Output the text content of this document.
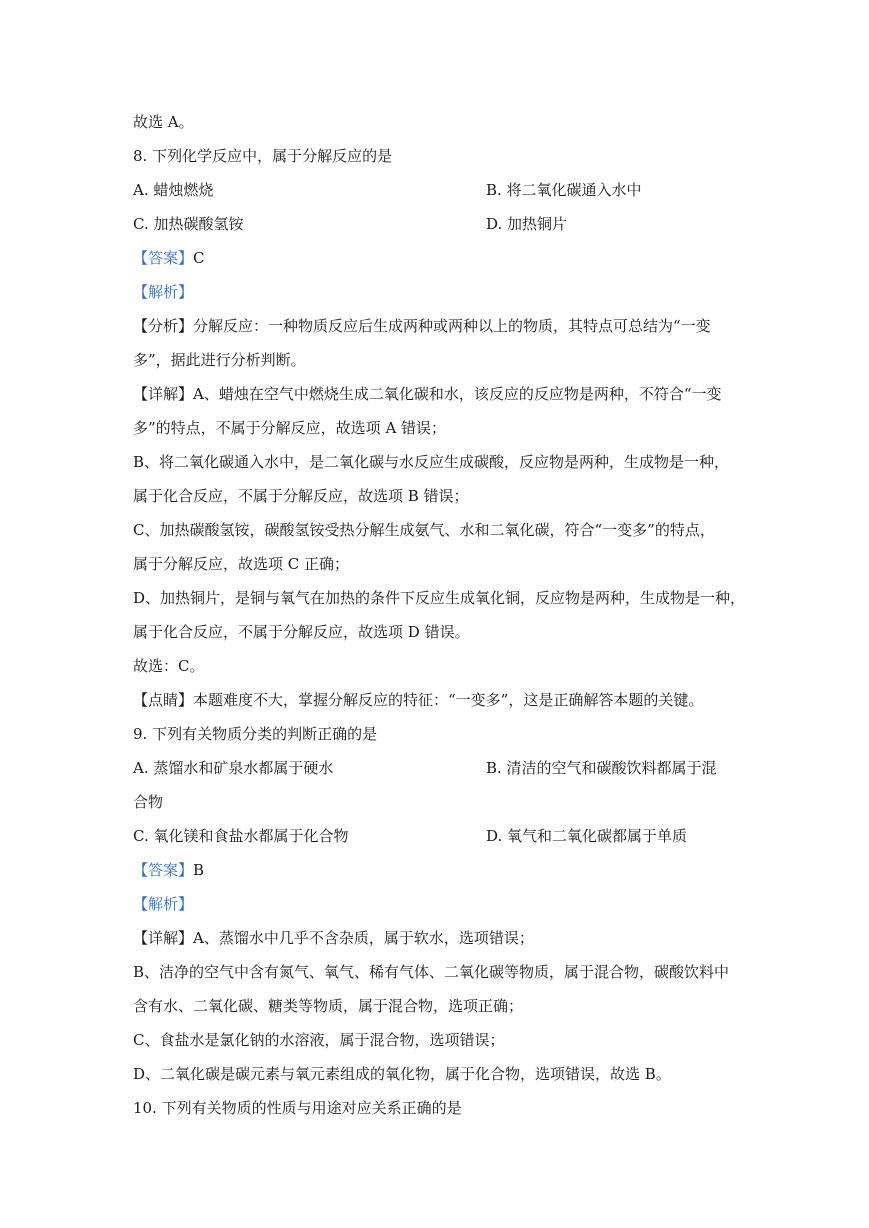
故选 A。
8. 下列化学反应中，属于分解反应的是
A. 蜡烛燃烧	B. 将二氧化碳通入水中
C. 加热碳酸氢铵	D. 加热铜片
【答案】C
【解析】
【分析】分解反应：一种物质反应后生成两种或两种以上的物质，其特点可总结为“一变
多”，据此进行分析判断。
【详解】A、蜡烛在空气中燃烧生成二氧化碳和水，该反应的反应物是两种，不符合“一变
多”的特点，不属于分解反应，故选项 A 错误；
B、将二氧化碳通入水中，是二氧化碳与水反应生成碳酸，反应物是两种，生成物是一种，
属于化合反应，不属于分解反应，故选项 B 错误；
C、加热碳酸氢铵，碳酸氢铵受热分解生成氨气、水和二氧化碳，符合“一变多”的特点，
属于分解反应，故选项 C 正确；
D、加热铜片，是铜与氧气在加热的条件下反应生成氧化铜，反应物是两种，生成物是一种，
属于化合反应，不属于分解反应，故选项 D 错误。
故选：C。
【点睛】本题难度不大，掌握分解反应的特征：“一变多”，这是正确解答本题的关键。
9. 下列有关物质分类的判断正确的是
A. 蒸馏水和矿泉水都属于硬水	B. 清洁的空气和碳酸饮料都属于混
合物
C. 氧化镁和食盐水都属于化合物	D. 氧气和二氧化碳都属于单质
【答案】B
【解析】
【详解】A、蒸馏水中几乎不含杂质，属于软水，选项错误；
B、洁净的空气中含有氮气、氧气、稀有气体、二氧化碳等物质，属于混合物，碳酸饮料中
含有水、二氧化碳、糖类等物质，属于混合物，选项正确；
C、食盐水是氯化钠的水溶液，属于混合物，选项错误；
D、二氧化碳是碳元素与氧元素组成的氧化物，属于化合物，选项错误，故选 B。
10. 下列有关物质的性质与用途对应关系正确的是
